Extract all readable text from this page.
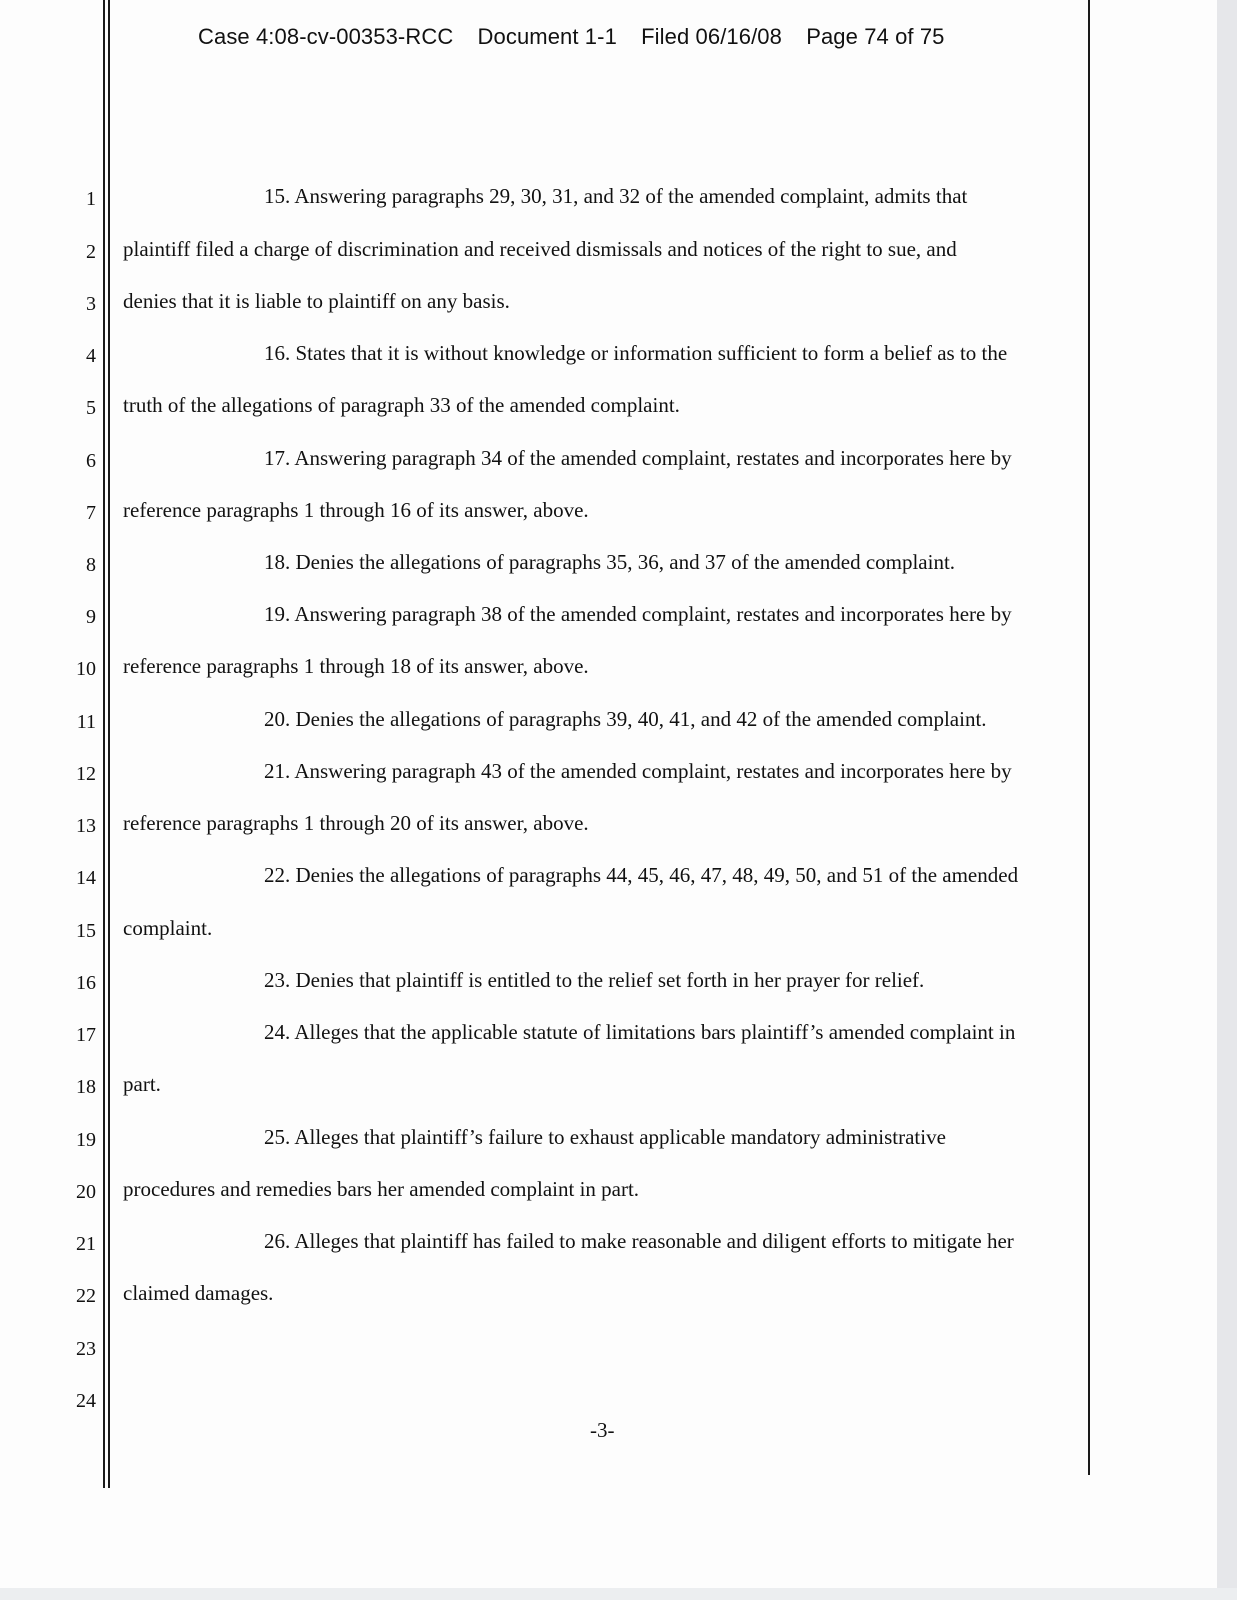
Case 4:08-cv-00353-RCC Document 1-1 Filed 06/16/08 Page 74 of 75
1
2
3
4
5
6
7
8
9
10
11
12
13
14
15
16
17
18
19
20
21
22
23
24
15. Answering paragraphs 29, 30, 31, and 32 of the amended complaint, admits that
plaintiff filed a charge of discrimination and received dismissals and notices of the right to sue, and
denies that it is liable to plaintiff on any basis.
16. States that it is without knowledge or information sufficient to form a belief as to the
truth of the allegations of paragraph 33 of the amended complaint.
17. Answering paragraph 34 of the amended complaint, restates and incorporates here by
reference paragraphs 1 through 16 of its answer, above.
18. Denies the allegations of paragraphs 35, 36, and 37 of the amended complaint.
19. Answering paragraph 38 of the amended complaint, restates and incorporates here by
reference paragraphs 1 through 18 of its answer, above.
20. Denies the allegations of paragraphs 39, 40, 41, and 42 of the amended complaint.
21. Answering paragraph 43 of the amended complaint, restates and incorporates here by
reference paragraphs 1 through 20 of its answer, above.
22. Denies the allegations of paragraphs 44, 45, 46, 47, 48, 49, 50, and 51 of the amended
complaint.
23. Denies that plaintiff is entitled to the relief set forth in her prayer for relief.
24. Alleges that the applicable statute of limitations bars plaintiff’s amended complaint in
part.
25. Alleges that plaintiff’s failure to exhaust applicable mandatory administrative
procedures and remedies bars her amended complaint in part.
26. Alleges that plaintiff has failed to make reasonable and diligent efforts to mitigate her
claimed damages.
-3-
